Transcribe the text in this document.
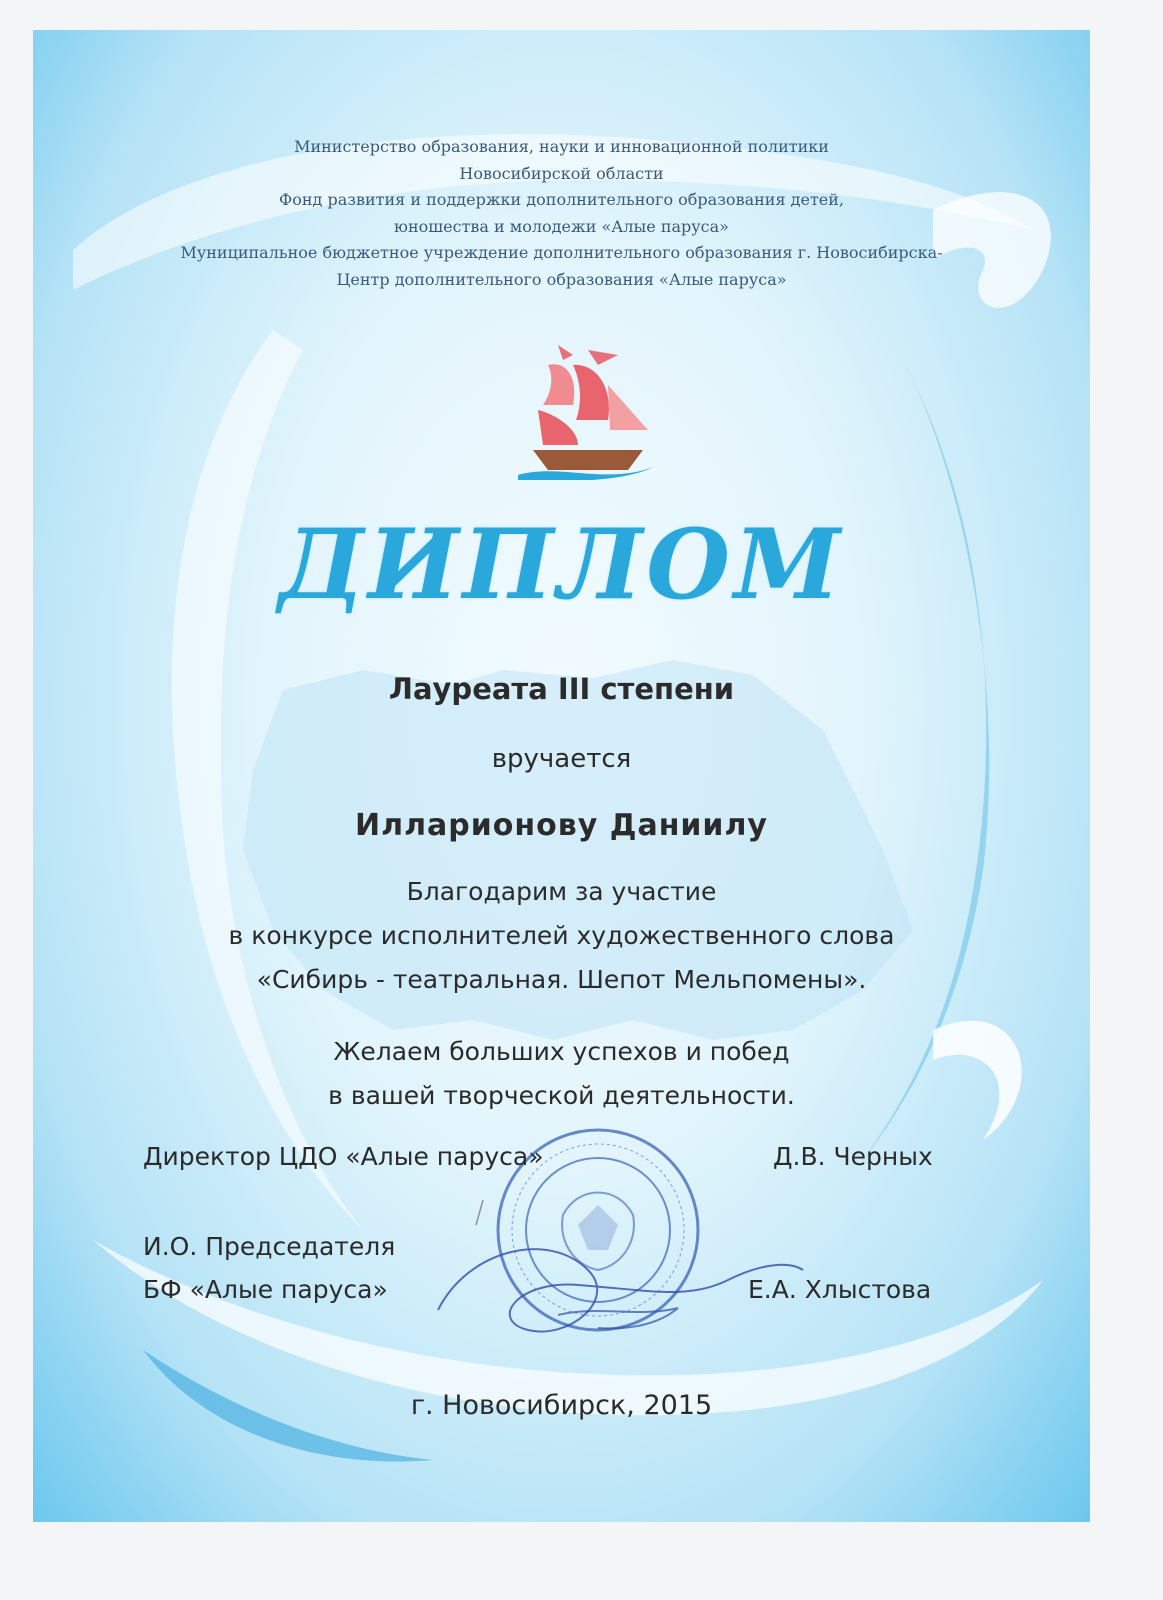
Министерство образования, науки и инновационной политики
Новосибирской области
Фонд развития и поддержки дополнительного образования детей,
юношества и молодежи «Алые паруса»
Муниципальное бюджетное учреждение дополнительного образования г. Новосибирска-
Центр дополнительного образования «Алые паруса»
ДИПЛОМ
Лауреата III степени
вручается
Илларионову Даниилу
Благодарим за участие
в конкурсе исполнителей художественного слова
«Сибирь - театральная. Шепот Мельпомены».
Желаем больших успехов и побед
в вашей творческой деятельности.
Директор ЦДО «Алые паруса»	Д.В. Черных
И.О. Председателя
БФ «Алые паруса»	Е.А. Хлыстова
г. Новосибирск, 2015
